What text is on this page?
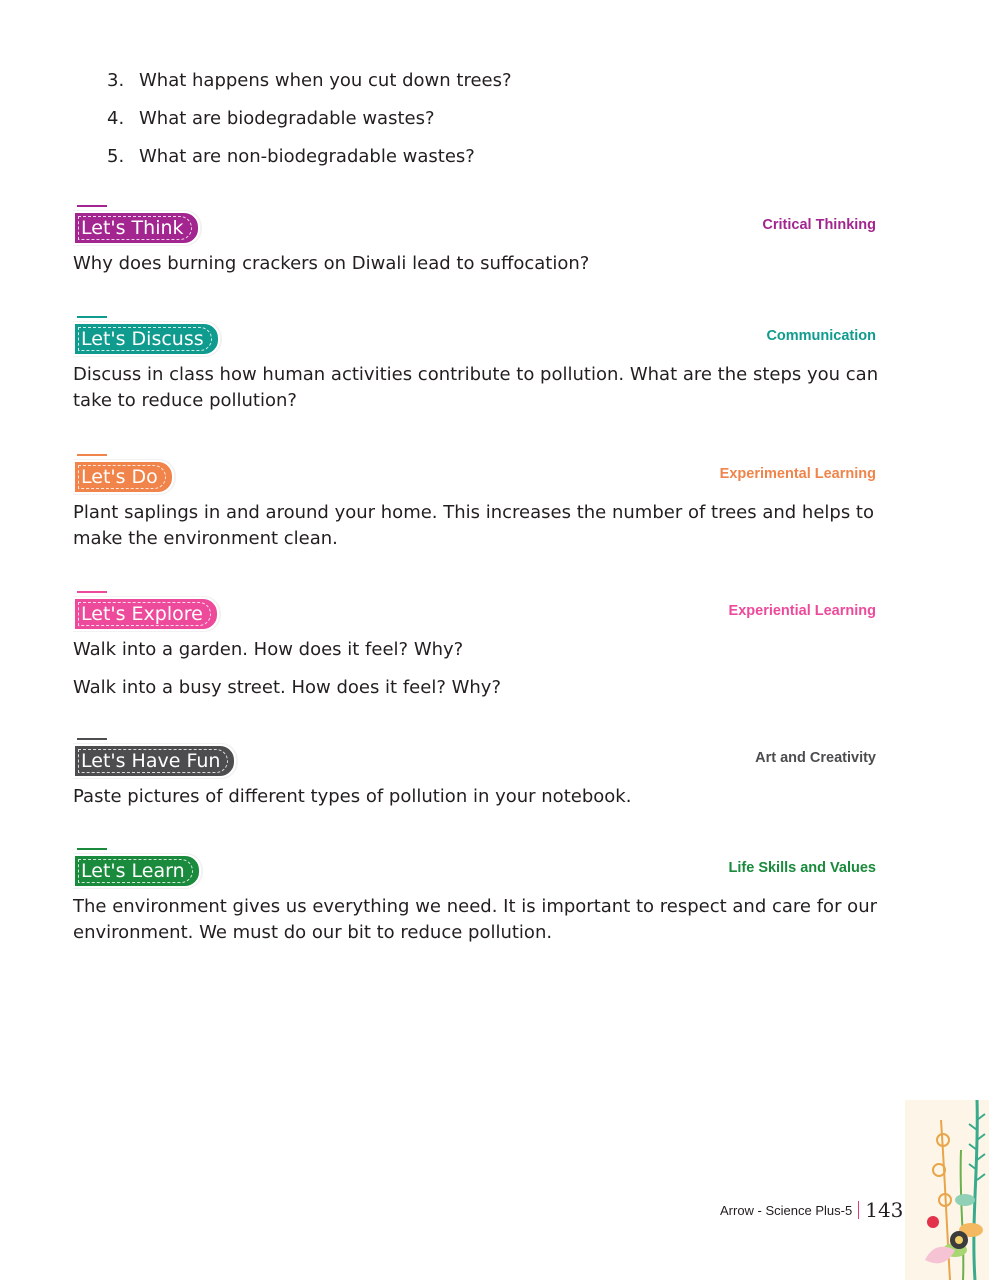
3. What happens when you cut down trees?
4. What are biodegradable wastes?
5. What are non-biodegradable wastes?
Let's Think	Critical Thinking

Why does burning crackers on Diwali lead to suffocation?

Let's Discuss	Communication

Discuss in class how human activities contribute to pollution. What are the steps you can take to reduce pollution?

Let's Do	Experimental Learning

Plant saplings in and around your home. This increases the number of trees and helps to make the environment clean.

Let's Explore	Experiential Learning

Walk into a garden. How does it feel? Why?

Walk into a busy street. How does it feel? Why?

Let's Have Fun	Art and Creativity

Paste pictures of different types of pollution in your notebook.

Let's Learn	Life Skills and Values

The environment gives us everything we need. It is important to respect and care for our environment. We must do our bit to reduce pollution.

Arrow - Science Plus-5 143
